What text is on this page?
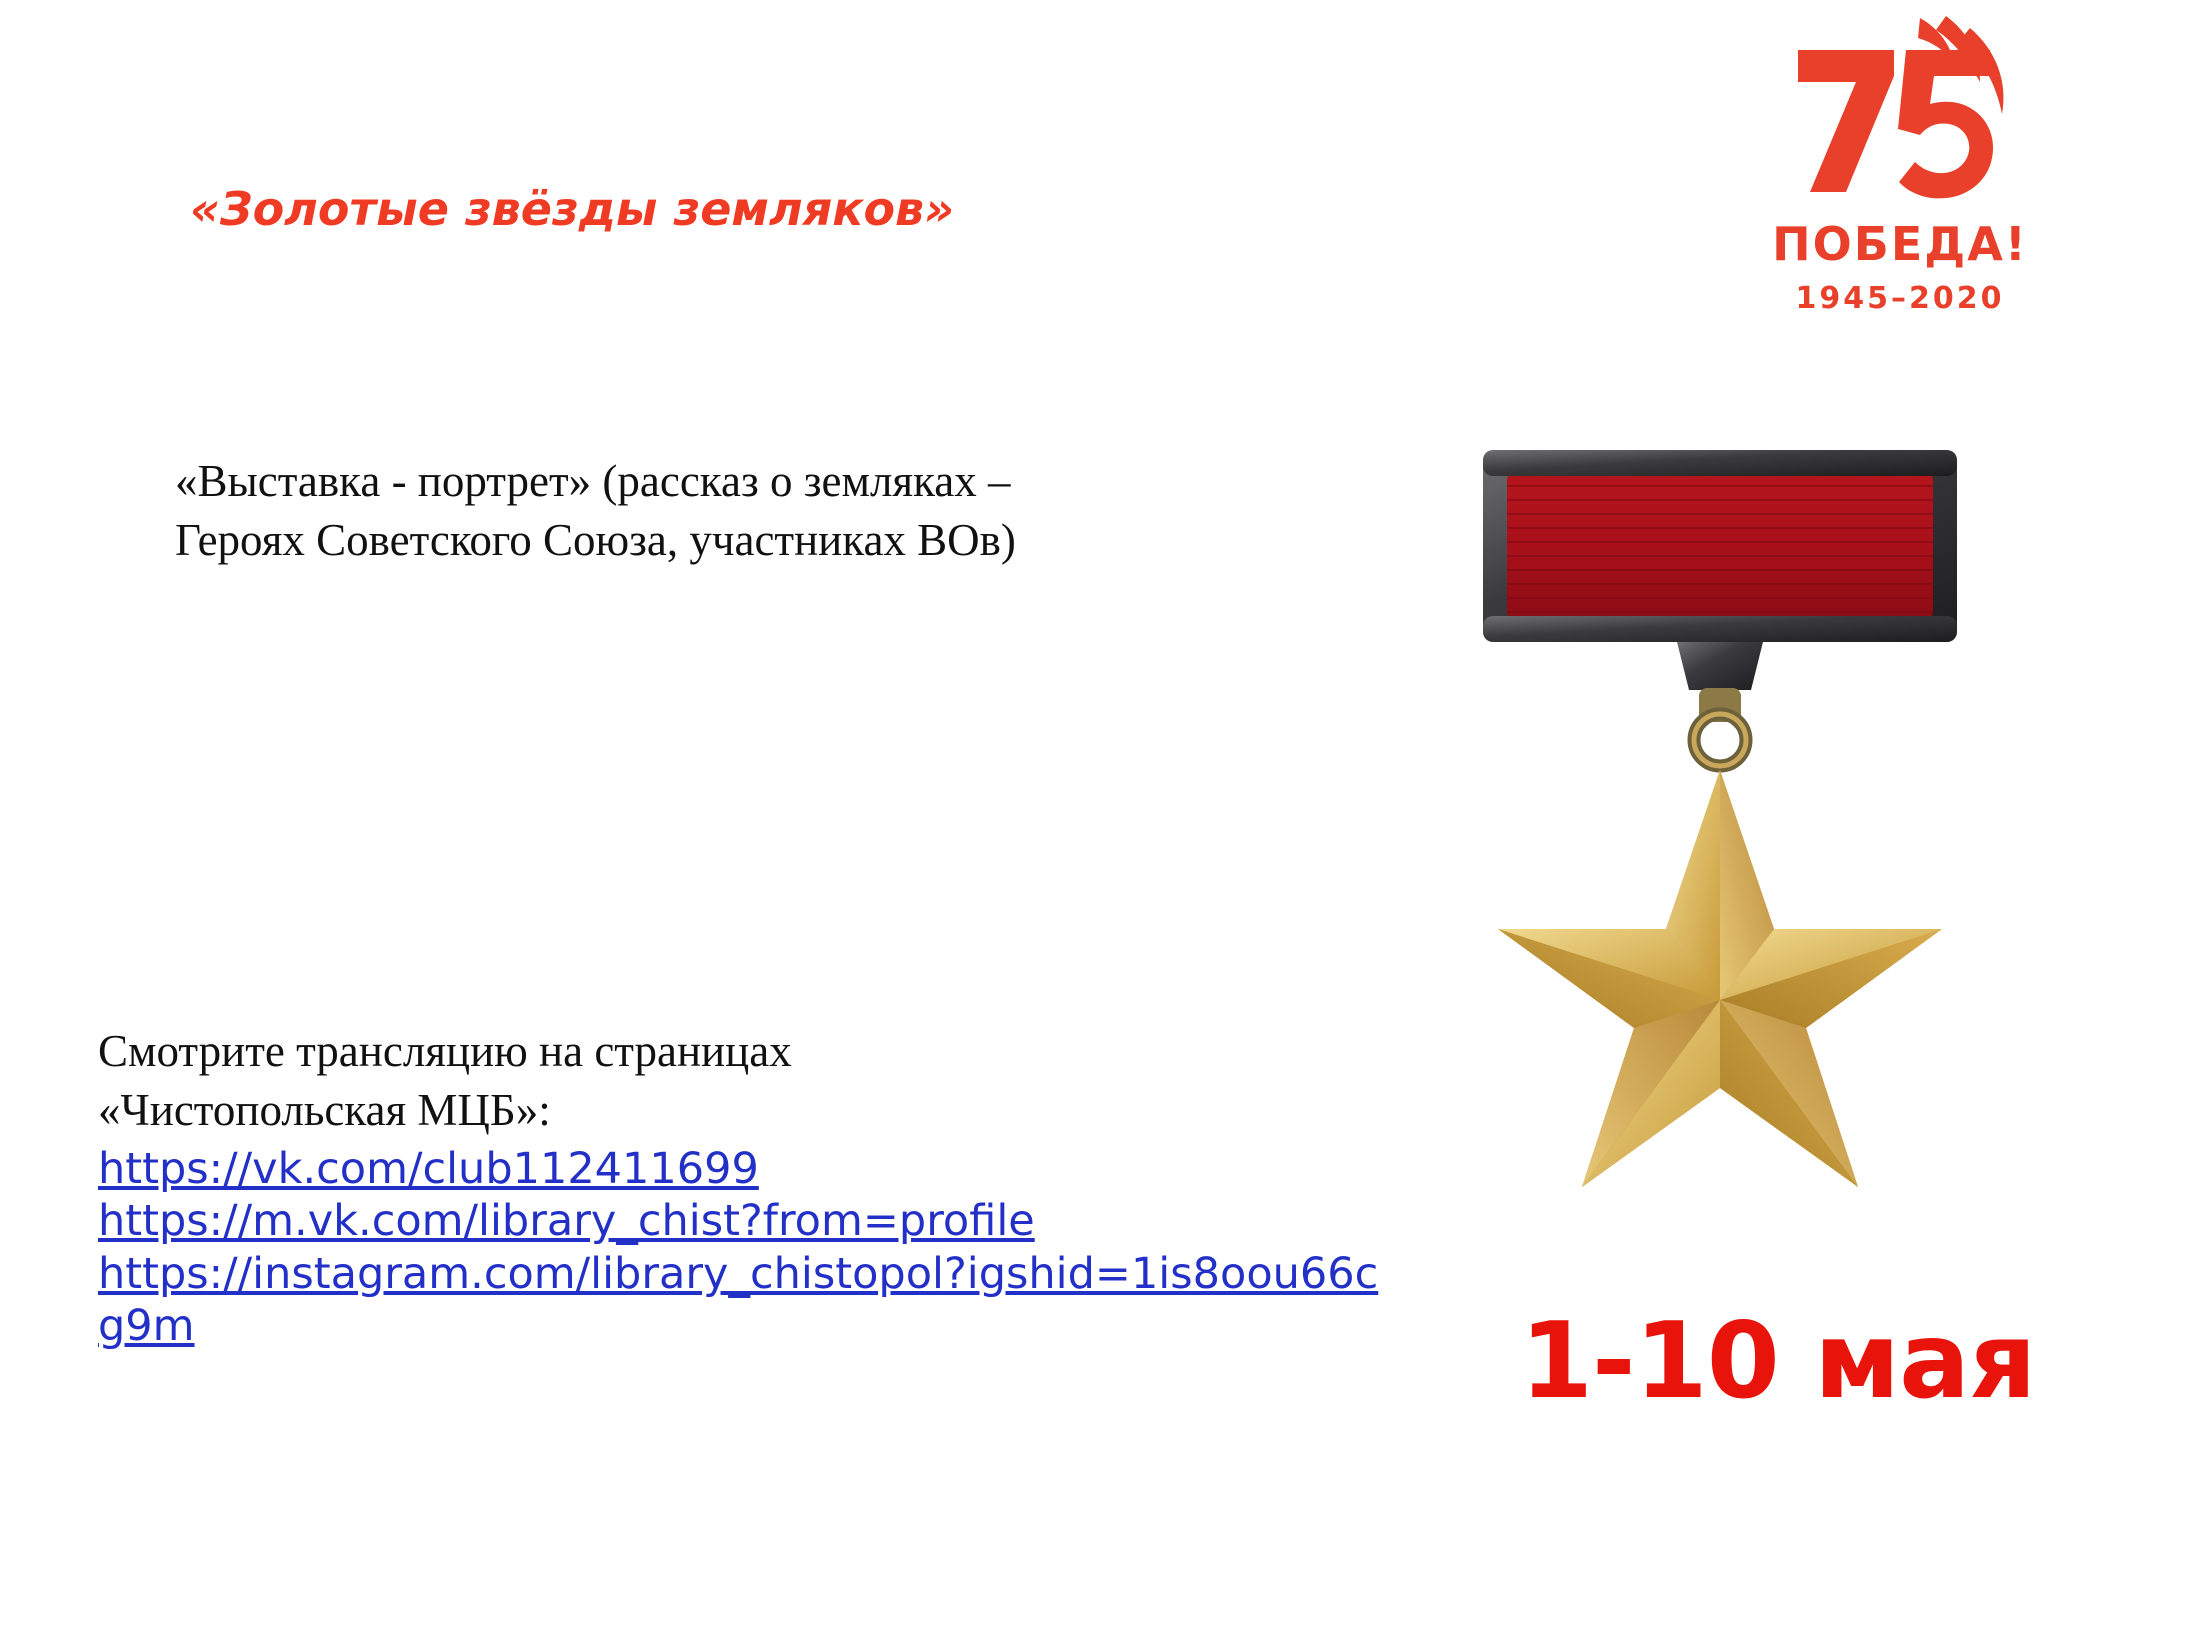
ПОБЕДА!
1945–2020
«Золотые звёзды земляков»
«Выставка - портрет» (рассказ о земляках –
Героях Советского Союза, участниках ВОв)
Смотрите трансляцию на страницах
«Чистопольская МЦБ»:
https://vk.com/club112411699
https://m.vk.com/library_chist?from=profile
https://instagram.com/library_chistopol?igshid=1is8oou66cg9m	1-10 мая
